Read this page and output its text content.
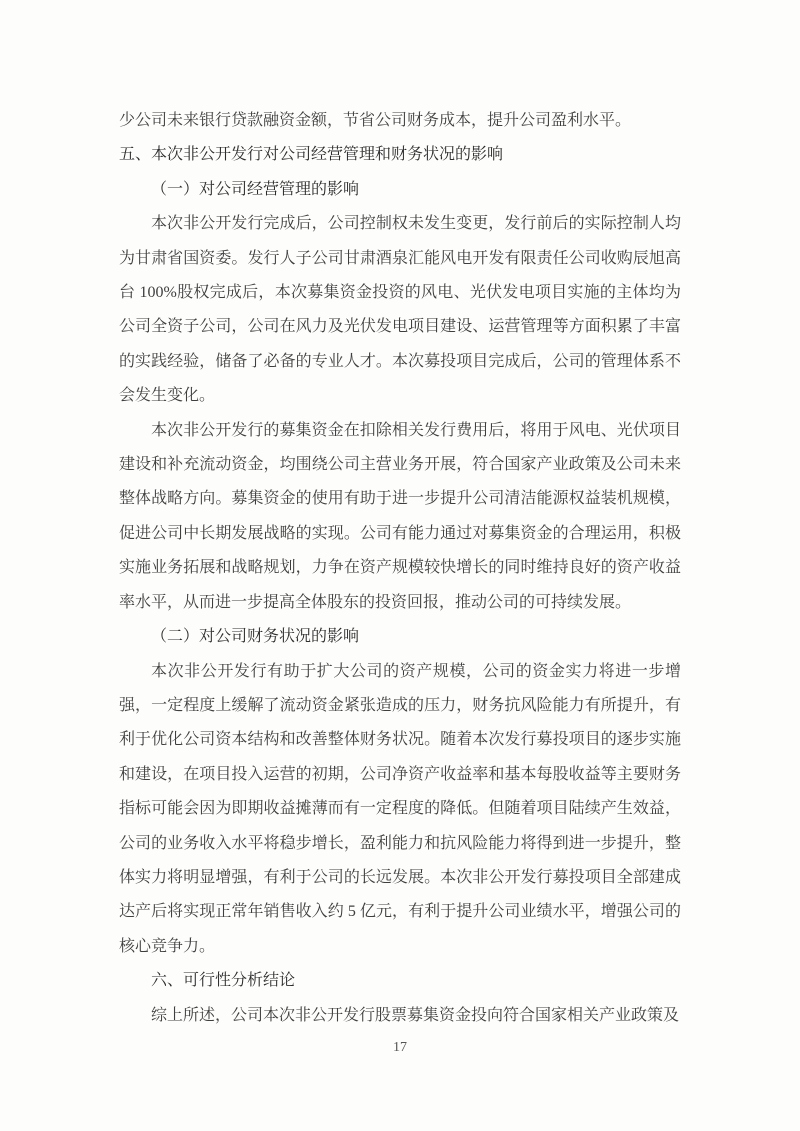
少公司未来银行贷款融资金额，节省公司财务成本，提升公司盈利水平。

五、本次非公开发行对公司经营管理和财务状况的影响
（一）对公司经营管理的影响

本次非公开发行完成后，公司控制权未发生变更，发行前后的实际控制人均为甘肃省国资委。发行人子公司甘肃酒泉汇能风电开发有限责任公司收购辰旭高台 100%股权完成后，本次募集资金投资的风电、光伏发电项目实施的主体均为公司全资子公司，公司在风力及光伏发电项目建设、运营管理等方面积累了丰富的实践经验，储备了必备的专业人才。本次募投项目完成后，公司的管理体系不会发生变化。

本次非公开发行的募集资金在扣除相关发行费用后，将用于风电、光伏项目建设和补充流动资金，均围绕公司主营业务开展，符合国家产业政策及公司未来整体战略方向。募集资金的使用有助于进一步提升公司清洁能源权益装机规模，促进公司中长期发展战略的实现。公司有能力通过对募集资金的合理运用，积极实施业务拓展和战略规划，力争在资产规模较快增长的同时维持良好的资产收益率水平，从而进一步提高全体股东的投资回报，推动公司的可持续发展。

（二）对公司财务状况的影响

本次非公开发行有助于扩大公司的资产规模，公司的资金实力将进一步增强，一定程度上缓解了流动资金紧张造成的压力，财务抗风险能力有所提升，有利于优化公司资本结构和改善整体财务状况。随着本次发行募投项目的逐步实施和建设，在项目投入运营的初期，公司净资产收益率和基本每股收益等主要财务指标可能会因为即期收益摊薄而有一定程度的降低。但随着项目陆续产生效益，公司的业务收入水平将稳步增长，盈利能力和抗风险能力将得到进一步提升，整体实力将明显增强，有利于公司的长远发展。本次非公开发行募投项目全部建成达产后将实现正常年销售收入约 5 亿元，有利于提升公司业绩水平，增强公司的核心竞争力。

六、可行性分析结论

综上所述，公司本次非公开发行股票募集资金投向符合国家相关产业政策及

17
